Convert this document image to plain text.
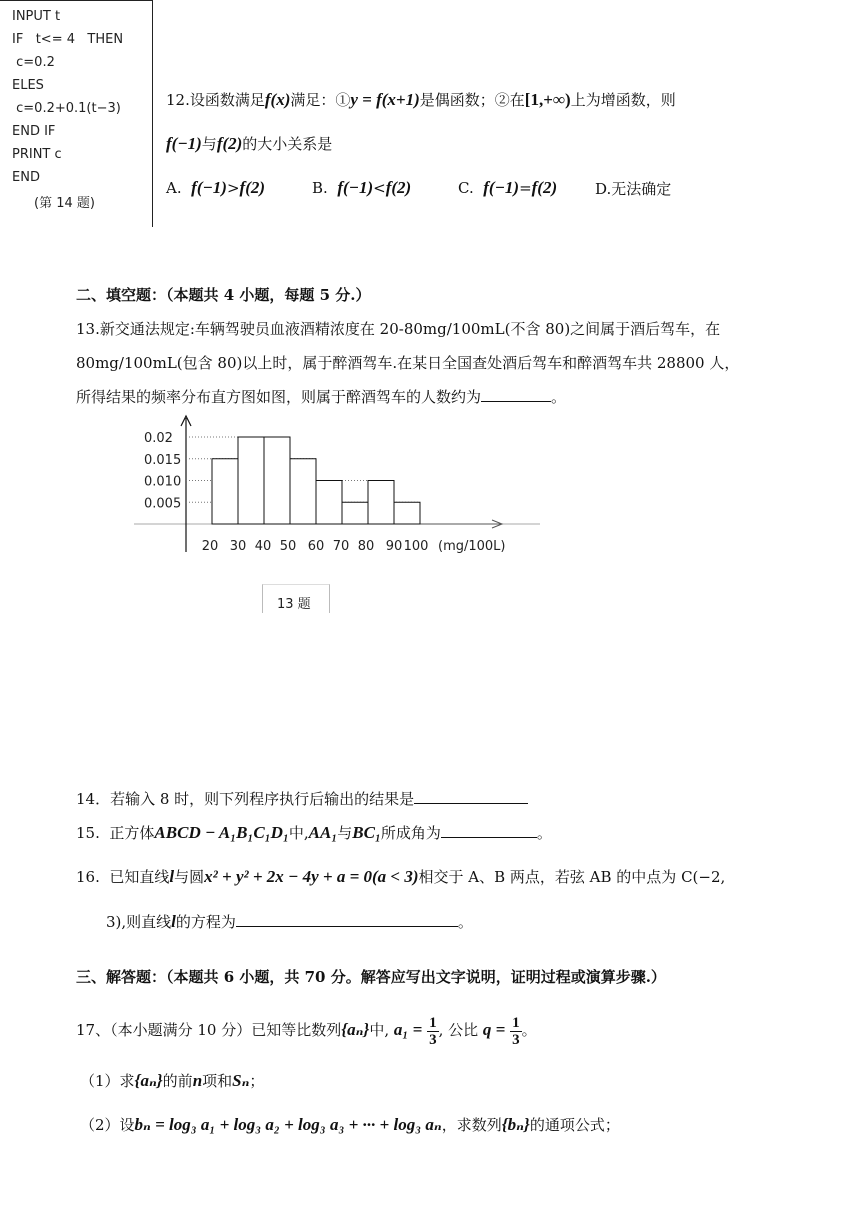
INPUT t
IF   t<= 4   THEN
c=0.2
ELES
c=0.2+0.1(t−3)
END IF
PRINT c
END
(第 14 题)
12.设函数满足f(x)满足：①y = f(x+1)是偶函数；②在[1,+∞)上为增函数，则
f(−1)与f(2)的大小关系是
A. f(−1)>f(2)	B. f(−1)<f(2)	C. f(−1)=f(2)	D.无法确定
二、填空题：（本题共 4 小题，每题 5 分.）
13.新交通法规定:车辆驾驶员血液酒精浓度在 20-80mg/100mL(不含 80)之间属于酒后驾车，在
80mg/100mL(包含 80)以上时，属于醉酒驾车.在某日全国查处酒后驾车和醉酒驾车共 28800 人，
所得结果的频率分布直方图如图，则属于醉酒驾车的人数约为	。
0.02
0.015
0.010
0.005
20 30 40 50 60 70 80 90 100 (mg/100L)
13 题
14．若输入 8 时，则下列程序执行后输出的结果是
15. 正方体ABCD − A₁B₁C₁D₁中,AA₁与BC₁所成角为	。
16. 已知直线l与圆x² + y² + 2x − 4y + a = 0(a < 3)相交于 A、B 两点，若弦 AB 的中点为 C(−2,
3),则直线l的方程为	。
三、解答题：（本题共 6 小题，共 70 分。解答应写出文字说明，证明过程或演算步骤.）
17、（本小题满分 10 分）已知等比数列{aₙ}中, $a_1 = \frac{1}{3}$ , 公比 $q = \frac{1}{3}$ 。
（1）求{aₙ}的前n项和Sₙ；
（2）设bₙ = log₃ a₁ + log₃ a₂ + log₃ a₃ + ··· + log₃ aₙ，求数列{bₙ}的通项公式；
